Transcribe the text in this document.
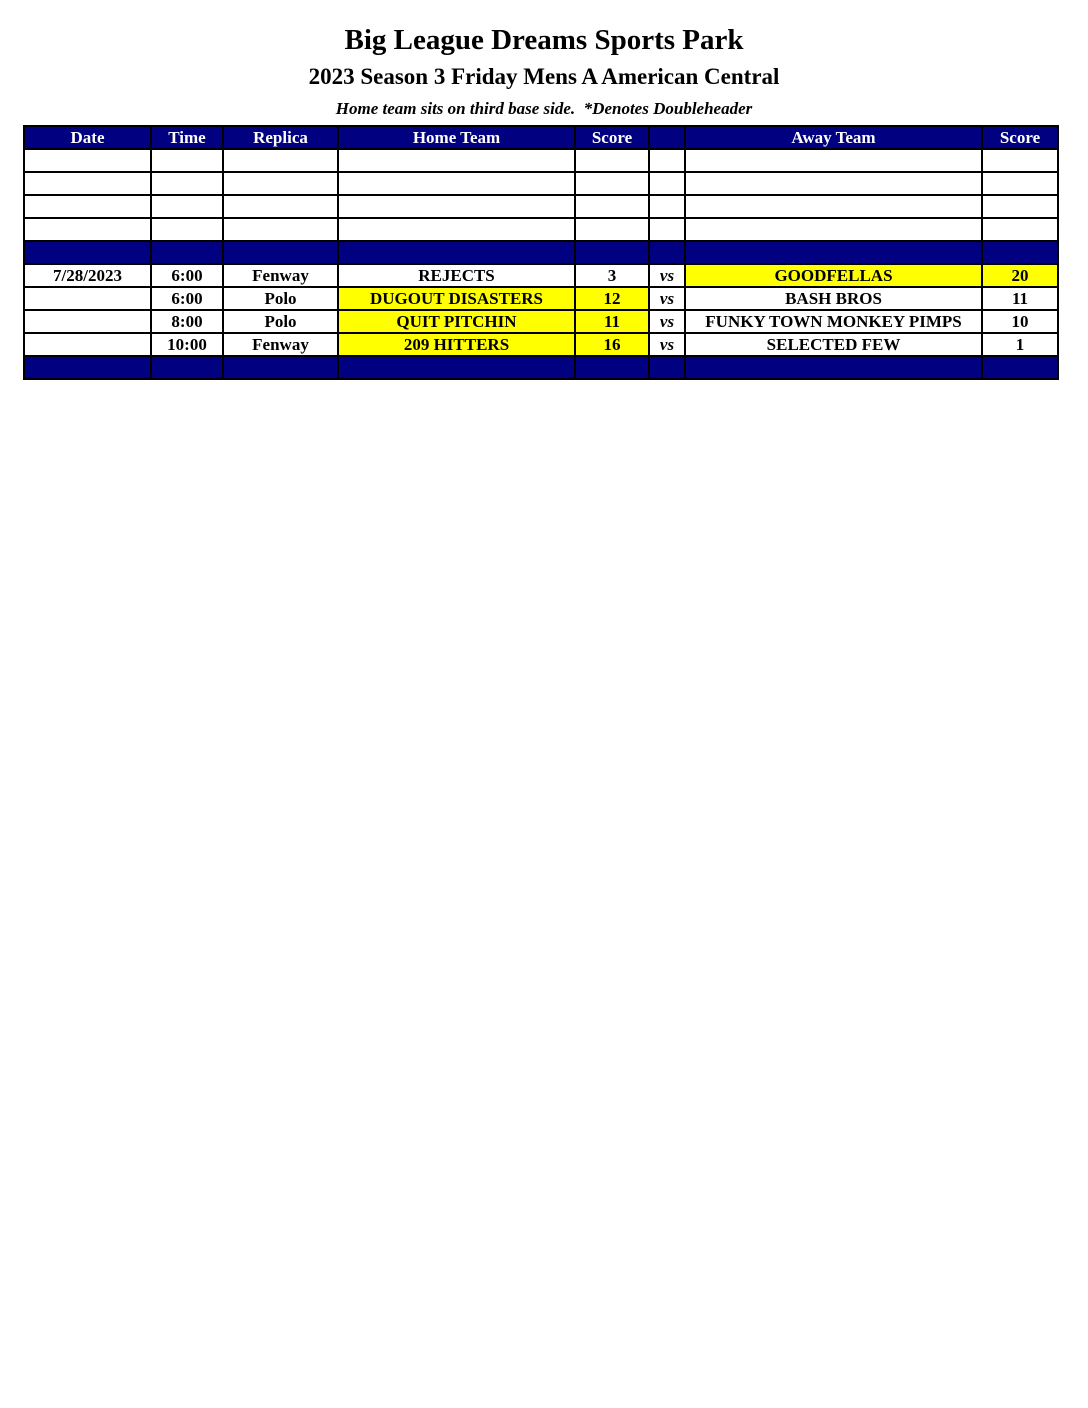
Big League Dreams Sports Park
2023 Season 3 Friday Mens A American Central
Home team sits on third base side.  *Denotes Doubleheader
Date	Time	Replica	Home Team	Score		Away Team	Score

7/28/2023	6:00	Fenway	REJECTS	3	vs	GOODFELLAS	20
	6:00	Polo	DUGOUT DISASTERS	12	vs	BASH BROS	11
	8:00	Polo	QUIT PITCHIN	11	vs	FUNKY TOWN MONKEY PIMPS	10
	10:00	Fenway	209 HITTERS	16	vs	SELECTED FEW	1
